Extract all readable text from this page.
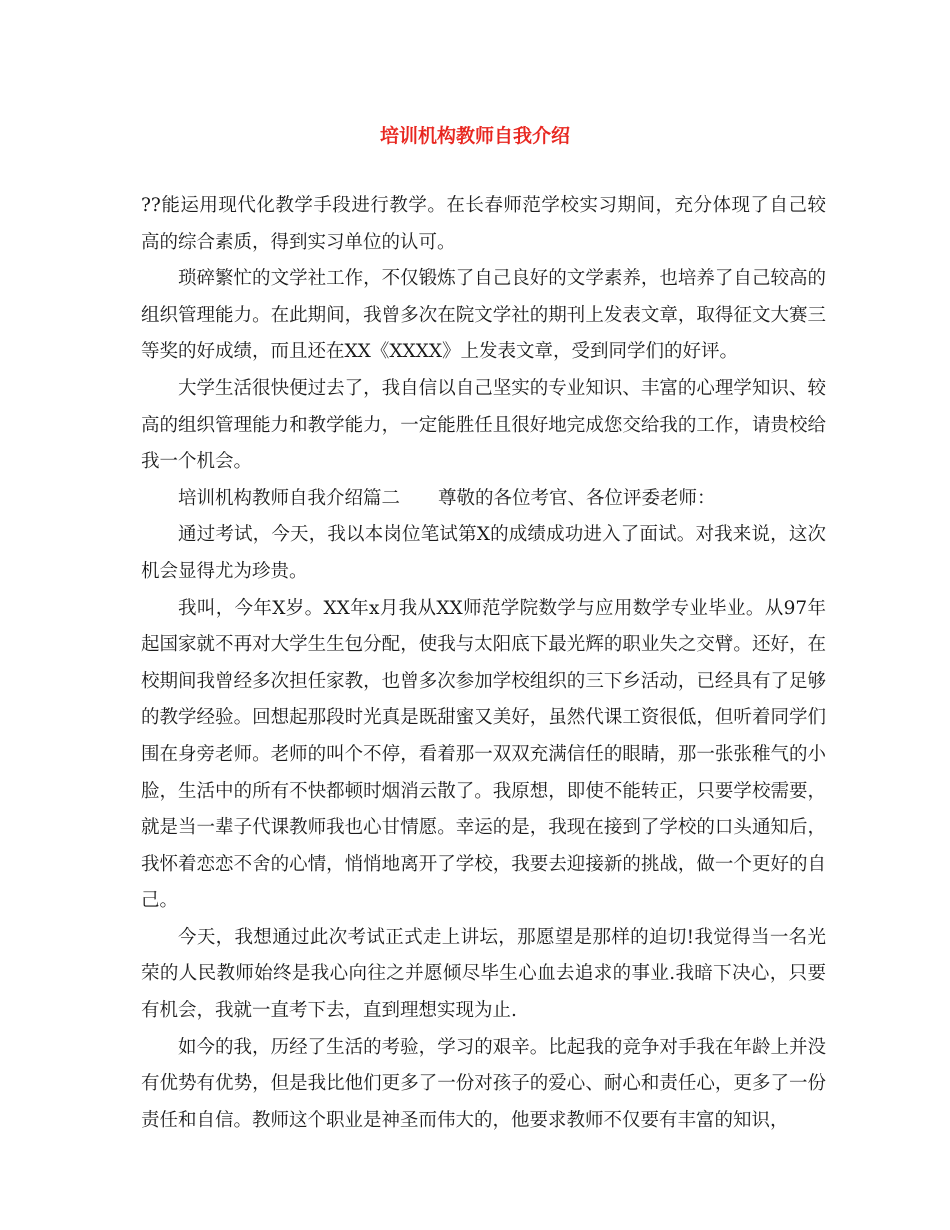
培训机构教师自我介绍

??能运用现代化教学手段进行教学。在长春师范学校实习期间，充分体现了自己较高的综合素质，得到实习单位的认可。

琐碎繁忙的文学社工作，不仅锻炼了自己良好的文学素养，也培养了自己较高的组织管理能力。在此期间，我曾多次在院文学社的期刊上发表文章，取得征文大赛三等奖的好成绩，而且还在XX《XXXX》上发表文章，受到同学们的好评。

大学生活很快便过去了，我自信以自己坚实的专业知识、丰富的心理学知识、较高的组织管理能力和教学能力，一定能胜任且很好地完成您交给我的工作，请贵校给我一个机会。

培训机构教师自我介绍篇二 尊敬的各位考官、各位评委老师：

通过考试，今天，我以本岗位笔试第X的成绩成功进入了面试。对我来说，这次机会显得尤为珍贵。

我叫，今年X岁。XX年x月我从XX师范学院数学与应用数学专业毕业。从97年起国家就不再对大学生生包分配，使我与太阳底下最光辉的职业失之交臂。还好，在校期间我曾经多次担任家教，也曾多次参加学校组织的三下乡活动，已经具有了足够的教学经验。回想起那段时光真是既甜蜜又美好，虽然代课工资很低，但听着同学们围在身旁老师。老师的叫个不停，看着那一双双充满信任的眼睛，那一张张稚气的小脸，生活中的所有不快都顿时烟消云散了。我原想，即使不能转正，只要学校需要，就是当一辈子代课教师我也心甘情愿。幸运的是，我现在接到了学校的口头通知后，我怀着恋恋不舍的心情，悄悄地离开了学校，我要去迎接新的挑战，做一个更好的自己。

今天，我想通过此次考试正式走上讲坛，那愿望是那样的迫切!我觉得当一名光荣的人民教师始终是我心向往之并愿倾尽毕生心血去追求的事业.我暗下决心，只要有机会，我就一直考下去，直到理想实现为止.

如今的我，历经了生活的考验，学习的艰辛。比起我的竞争对手我在年龄上并没有优势有优势，但是我比他们更多了一份对孩子的爱心、耐心和责任心，更多了一份责任和自信。教师这个职业是神圣而伟大的，他要求教师不仅要有丰富的知识，
